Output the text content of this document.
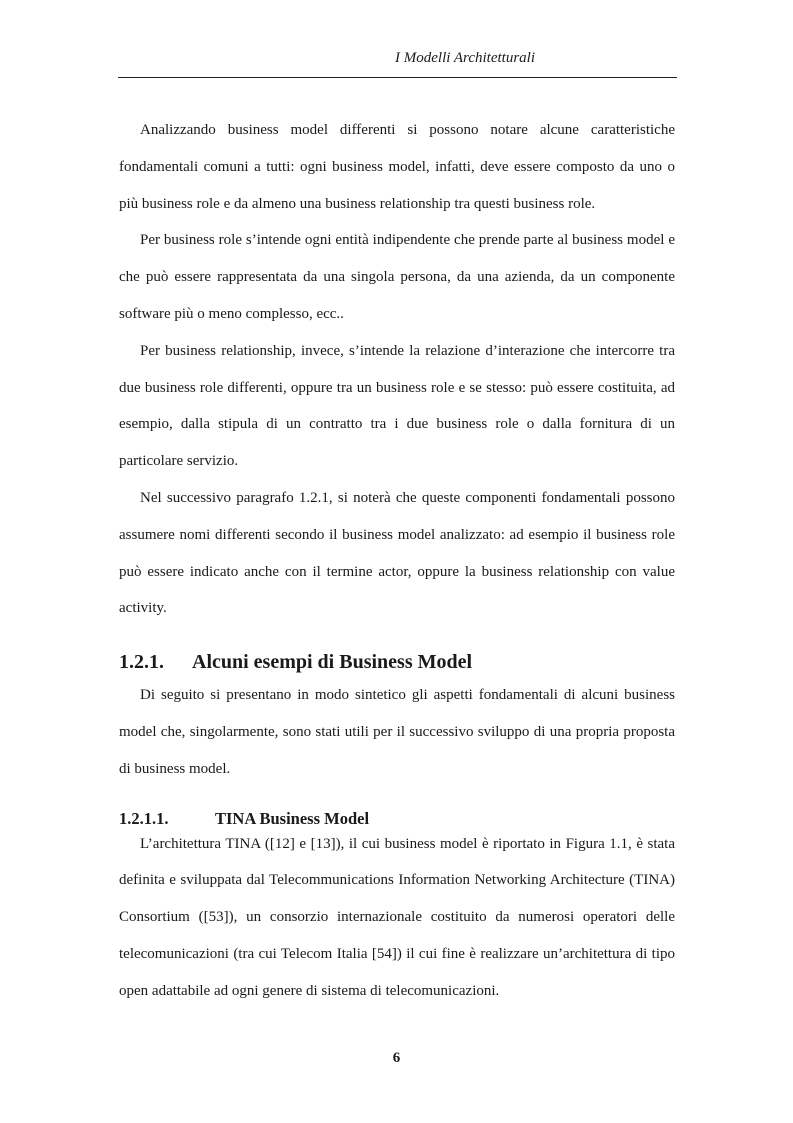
I Modelli Architetturali

Analizzando business model differenti si possono notare alcune caratteristiche fondamentali comuni a tutti: ogni business model, infatti, deve essere composto da uno o più business role e da almeno una business relationship tra questi business role.

Per business role s’intende ogni entità indipendente che prende parte al business model e che può essere rappresentata da una singola persona, da una azienda, da un componente software più o meno complesso, ecc..

Per business relationship, invece, s’intende la relazione d’interazione che intercorre tra due business role differenti, oppure tra un business role e se stesso: può essere costituita, ad esempio, dalla stipula di un contratto tra i due business role o dalla fornitura di un particolare servizio.

Nel successivo paragrafo 1.2.1, si noterà che queste componenti fondamentali possono assumere nomi differenti secondo il business model analizzato: ad esempio il business role può essere indicato anche con il termine actor, oppure la business relationship con value activity.

1.2.1.	Alcuni esempi di Business Model

Di seguito si presentano in modo sintetico gli aspetti fondamentali di alcuni business model che, singolarmente, sono stati utili per il successivo sviluppo di una propria proposta di business model.

1.2.1.1.	TINA Business Model

L’architettura TINA ([12] e [13]), il cui business model è riportato in Figura 1.1, è stata definita e sviluppata dal Telecommunications Information Networking Architecture (TINA) Consortium ([53]), un consorzio internazionale costituito da numerosi operatori delle telecomunicazioni (tra cui Telecom Italia [54]) il cui fine è realizzare un’architettura di tipo open adattabile ad ogni genere di sistema di telecomunicazioni.

6
